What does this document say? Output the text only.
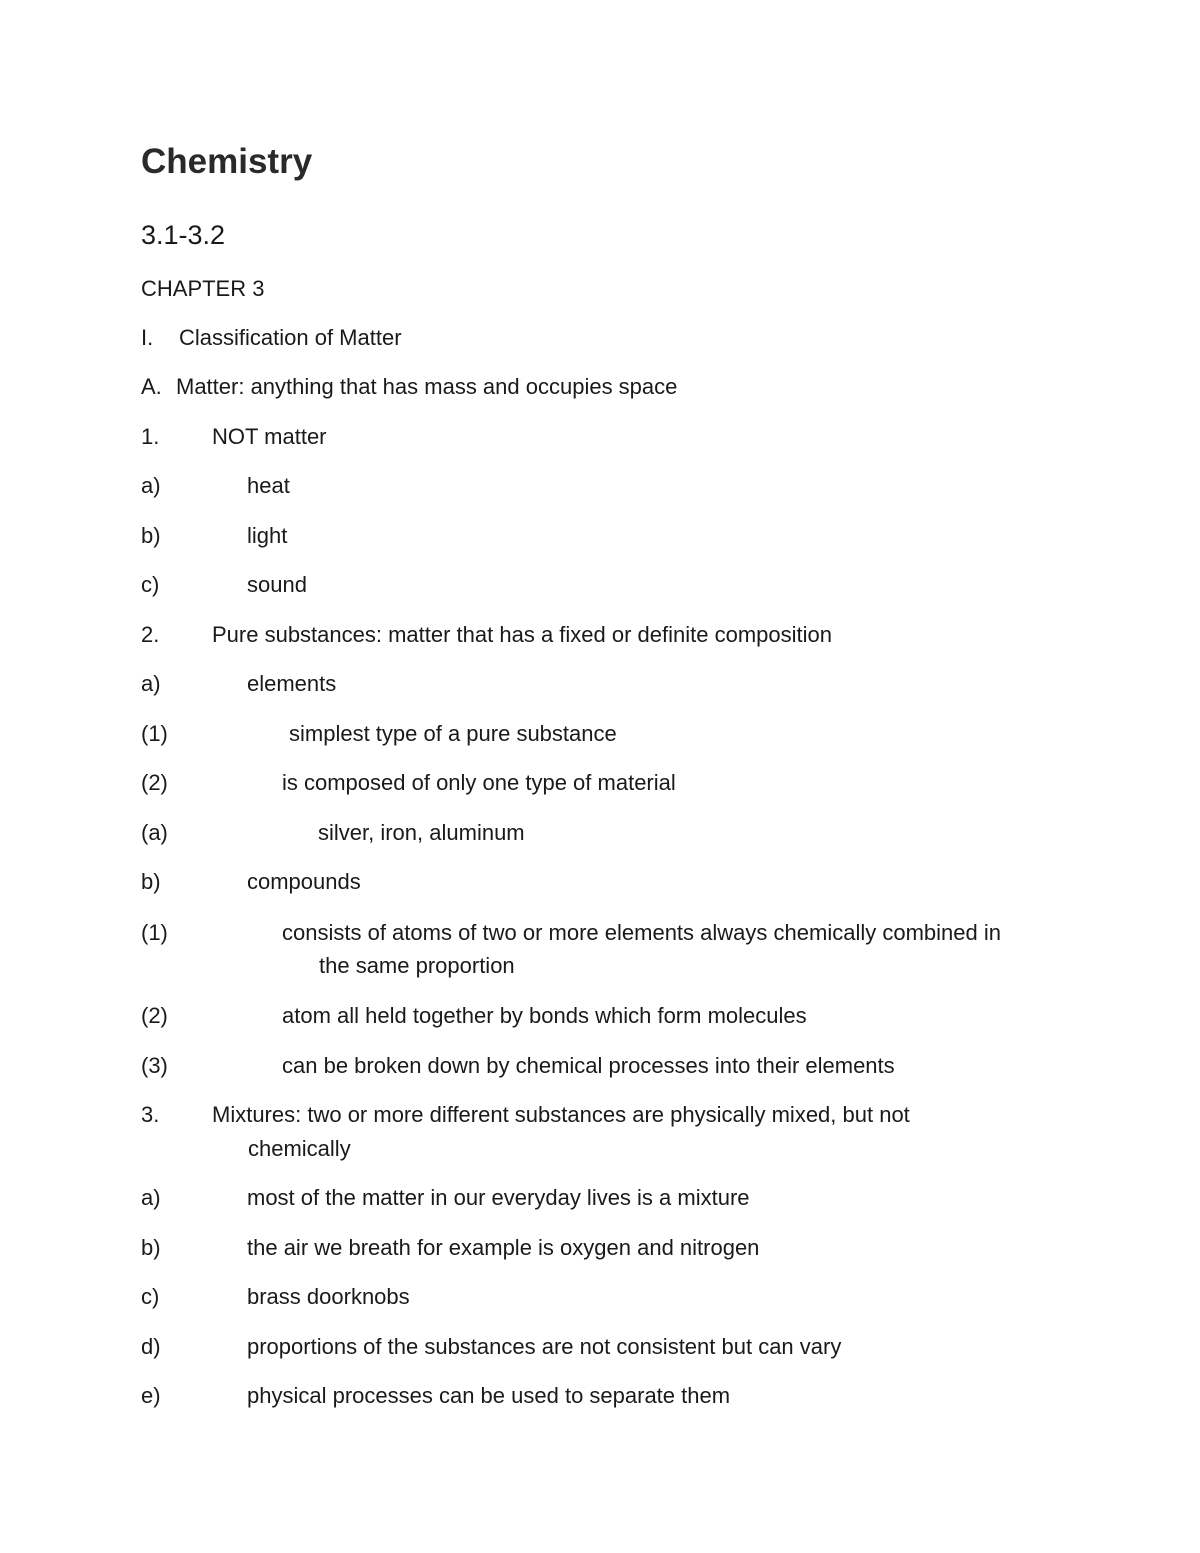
Chemistry
3.1-3.2
CHAPTER 3
I. Classification of Matter
A. Matter: anything that has mass and occupies space
1. NOT matter
a)	heat
b)	light
c)	sound
2. Pure substances: matter that has a fixed or definite composition
a)	elements
(1)	simplest type of a pure substance
(2)	is composed of only one type of material
(a)	silver, iron, aluminum
b)	compounds
(1)	consists of atoms of two or more elements always chemically combined in
the same proportion
(2)	atom all held together by bonds which form molecules
(3)	can be broken down by chemical processes into their elements
3. Mixtures: two or more different substances are physically mixed, but not
chemically
a)	most of the matter in our everyday lives is a mixture
b)	the air we breath for example is oxygen and nitrogen
c)	brass doorknobs
d)	proportions of the substances are not consistent but can vary
e)	physical processes can be used to separate them
